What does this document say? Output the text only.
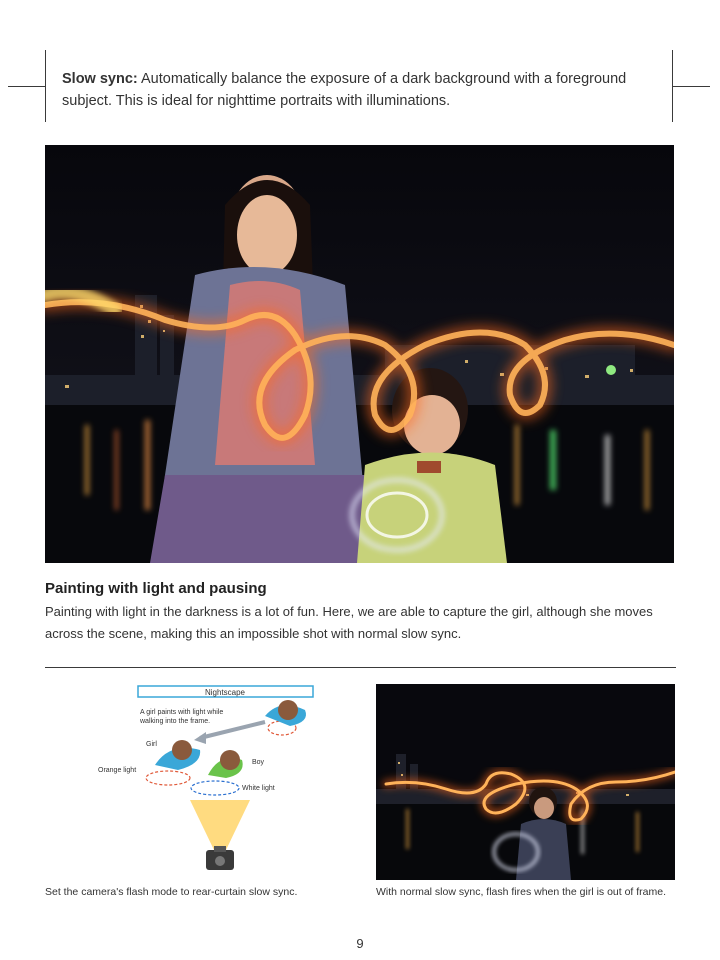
Slow sync: Automatically balance the exposure of a dark background with a foreground subject. This is ideal for nighttime portraits with illuminations.
Painting with light and pausing
Painting with light in the darkness is a lot of fun. Here, we are able to capture the girl, although she moves across the scene, making this an impossible shot with normal slow sync.
Nightscape
A girl paints with light while
walking into the frame.
Girl
Orange light
Boy
White light
Set the camera's flash mode to rear-curtain slow sync.	With normal slow sync, flash fires when the girl is out of frame.
9
